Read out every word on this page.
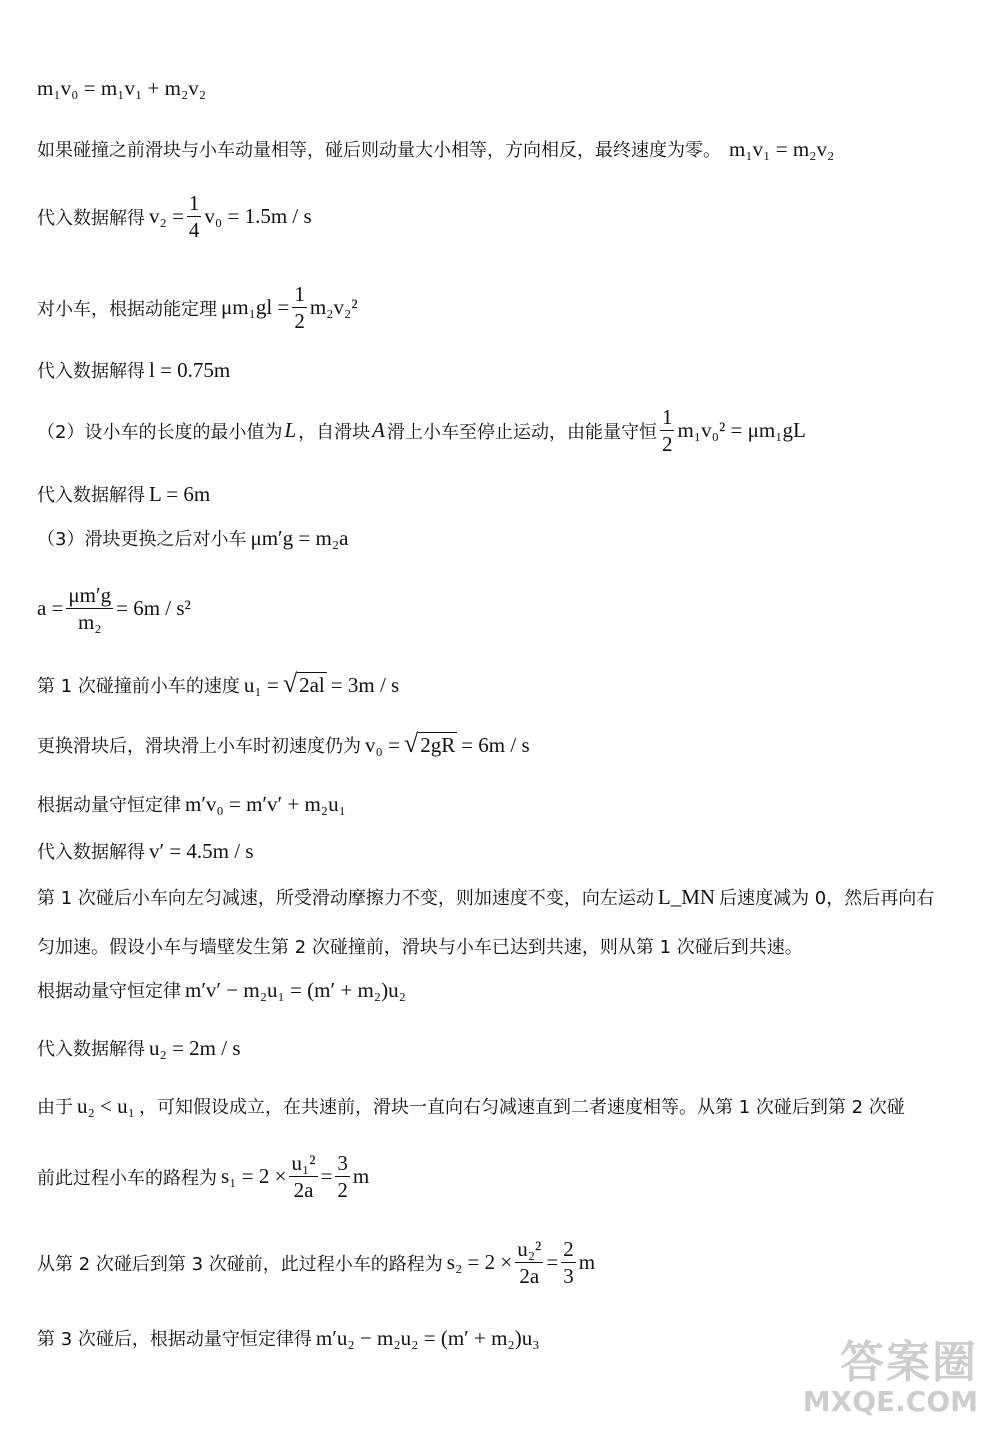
m₁v₀ = m₁v₁ + m₂v₂
如果碰撞之前滑块与小车动量相等，碰后则动量大小相等，方向相反，最终速度为零。 m₁v₁ = m₂v₂
代入数据解得 $v_2 = \frac{1}{4} v_0 = 1.5m / s$
对小车，根据动能定理 $\mu m_1gl = \frac{1}{2} m_2v_2^2$
代入数据解得 l = 0.75m
（2）设小车的长度的最小值为 L ，自滑块 A 滑上小车至停止运动，由能量守恒 $\frac{1}{2} m_1v_0^2 = \mu m_1gL$
代入数据解得 L = 6m
（3）滑块更换之后对小车 μm′g = m₂a
$a = \frac{\mu m'g}{\text{m₂}} = 6m / s^2$
第 1 次碰撞前小车的速度 u₁ = √ 2al = 3m / s
更换滑块后，滑块滑上小车时初速度仍为 v₀ = √ 2gR = 6m / s
根据动量守恒定律 m′v₀ = m′v′ + m₂u₁
代入数据解得 v′ = 4.5m / s
第 1 次碰后小车向左匀减速，所受滑动摩擦力不变，则加速度不变，向左运动 L_MN 后速度减为 0，然后再向右
匀加速。假设小车与墙壁发生第 2 次碰撞前，滑块与小车已达到共速，则从第 1 次碰后到共速。
根据动量守恒定律 m′v′ − m₂u₁ = (m′ + m₂)u₂
代入数据解得 u₂ = 2m / s
由于 u₂ < u₁ ，可知假设成立，在共速前，滑块一直向右匀减速直到二者速度相等。从第 1 次碰后到第 2 次碰
前此过程小车的路程为 $s_1 = 2 \times \frac{\text{u₁²}}{2a} = \frac{3}{2}$ m
从第 2 次碰后到第 3 次碰前，此过程小车的路程为 $s_2 = 2 \times \frac{\text{u₂²}}{2a} = \frac{2}{3}$ m
第 3 次碰后，根据动量守恒定律得 m′u₂ − m₂u₂ = (m′ + m₂)u₃	答案圈
MXQE.COM
